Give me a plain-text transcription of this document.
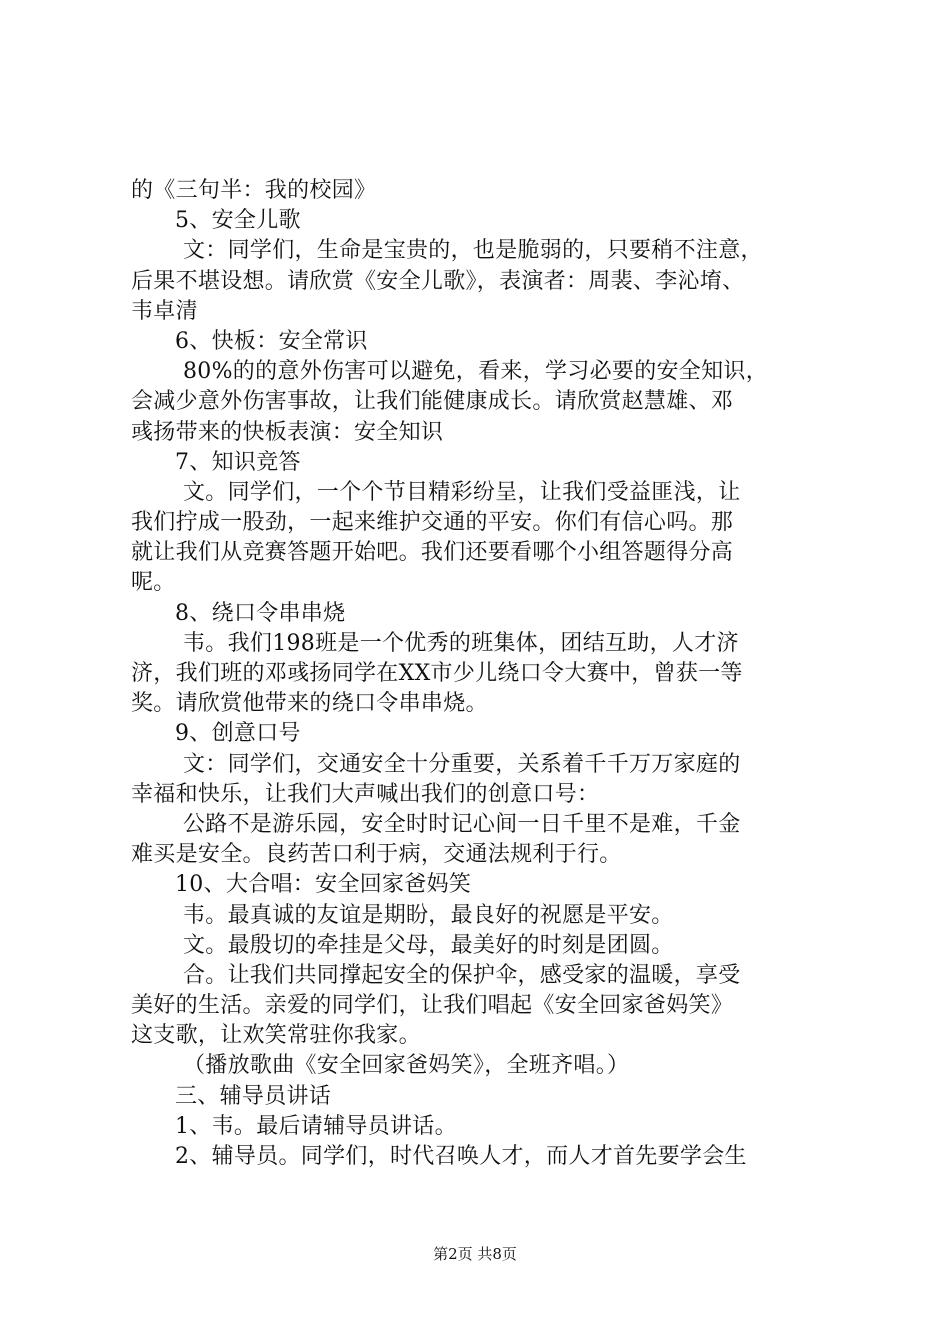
的《三句半：我的校园》
5、安全儿歌
文：同学们，生命是宝贵的，也是脆弱的，只要稍不注意，
后果不堪设想。请欣赏《安全儿歌》，表演者：周裴、李沁堉、
韦卓清
6、快板：安全常识
80%的的意外伤害可以避免，看来，学习必要的安全知识，
会减少意外伤害事故，让我们能健康成长。请欣赏赵慧雄、邓
彧扬带来的快板表演：安全知识
7、知识竞答
文。同学们，一个个节目精彩纷呈，让我们受益匪浅，让
我们拧成一股劲，一起来维护交通的平安。你们有信心吗。那
就让我们从竞赛答题开始吧。我们还要看哪个小组答题得分高
呢。
8、绕口令串串烧
韦。我们198班是一个优秀的班集体，团结互助，人才济
济，我们班的邓彧扬同学在XX市少儿绕口令大赛中，曾获一等
奖。请欣赏他带来的绕口令串串烧。
9、创意口号
文：同学们，交通安全十分重要，关系着千千万万家庭的
幸福和快乐，让我们大声喊出我们的创意口号：
公路不是游乐园，安全时时记心间一日千里不是难，千金
难买是安全。良药苦口利于病，交通法规利于行。
10、大合唱：安全回家爸妈笑
韦。最真诚的友谊是期盼，最良好的祝愿是平安。
文。最殷切的牵挂是父母，最美好的时刻是团圆。
合。让我们共同撑起安全的保护伞，感受家的温暖，享受
美好的生活。亲爱的同学们，让我们唱起《安全回家爸妈笑》
这支歌，让欢笑常驻你我家。
（播放歌曲《安全回家爸妈笑》，全班齐唱。）
三、辅导员讲话
1、韦。最后请辅导员讲话。
2、辅导员。同学们，时代召唤人才，而人才首先要学会生
第2页 共8页
